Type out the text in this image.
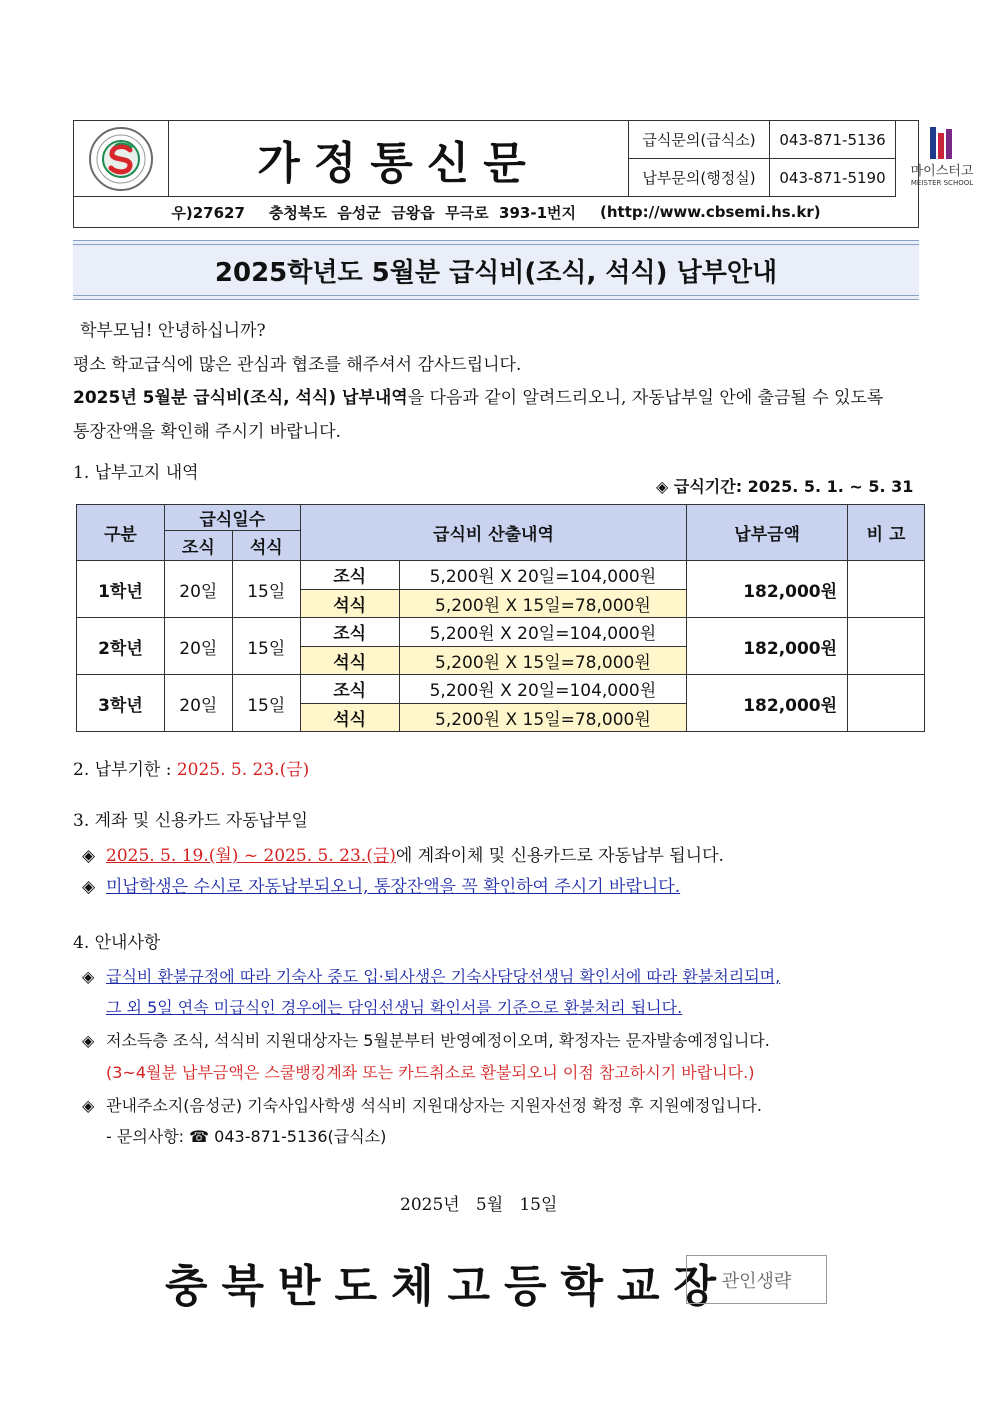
가정통신문	급식문의(급식소)	043-871-5136
납부문의(행정실)	043-871-5190	마이스터고
MEISTER SCHOOL
우)27627 충청북도  음성군  금왕읍  무극로  393-1번지 (http://www.cbsemi.hs.kr)
2025학년도 5월분 급식비(조식, 석식) 납부안내
학부모님! 안녕하십니까?
평소 학교급식에 많은 관심과 협조를 해주셔서 감사드립니다.
2025년 5월분 급식비(조식, 석식) 납부내역을 다음과 같이 알려드리오니, 자동납부일 안에 출금될 수 있도록
통장잔액을 확인해 주시기 바랍니다.
1. 납부고지 내역
◈ 급식기간: 2025. 5. 1. ~ 5. 31
구분	급식일수		급식비 산출내역		납부금액	비 고
	조식	석식				
1학년	20일	15일	조식	5,200원 X 20일=104,000원	182,000원	
			석식	5,200원 X 15일=78,000원		
2학년	20일	15일	조식	5,200원 X 20일=104,000원	182,000원	
			석식	5,200원 X 15일=78,000원		
3학년	20일	15일	조식	5,200원 X 20일=104,000원	182,000원	
			석식	5,200원 X 15일=78,000원		
2. 납부기한 : 2025. 5. 23.(금)
3. 계좌 및 신용카드 자동납부일
◈ 2025. 5. 19.(월) ~ 2025. 5. 23.(금)에 계좌이체 및 신용카드로 자동납부 됩니다.
◈ 미납학생은 수시로 자동납부되오니, 통장잔액을 꼭 확인하여 주시기 바랍니다.
4. 안내사항
◈ 급식비 환불규정에 따라 기숙사 중도 입·퇴사생은 기숙사담당선생님 확인서에 따라 환불처리되며,
그 외 5일 연속 미급식인 경우에는 담임선생님 확인서를 기준으로 환불처리 됩니다.
◈ 저소득층 조식, 석식비 지원대상자는 5월분부터 반영예정이오며, 확정자는 문자발송예정입니다.
(3~4월분 납부금액은 스쿨뱅킹계좌 또는 카드취소로 환불되오니 이점 참고하시기 바랍니다.)
◈ 관내주소지(음성군) 기숙사입사학생 석식비 지원대상자는 지원자선정 확정 후 지원예정입니다.
- 문의사항: ☎ 043-871-5136(급식소)
2025년   5월   15일
충북반도체고등학교장
관인생략
